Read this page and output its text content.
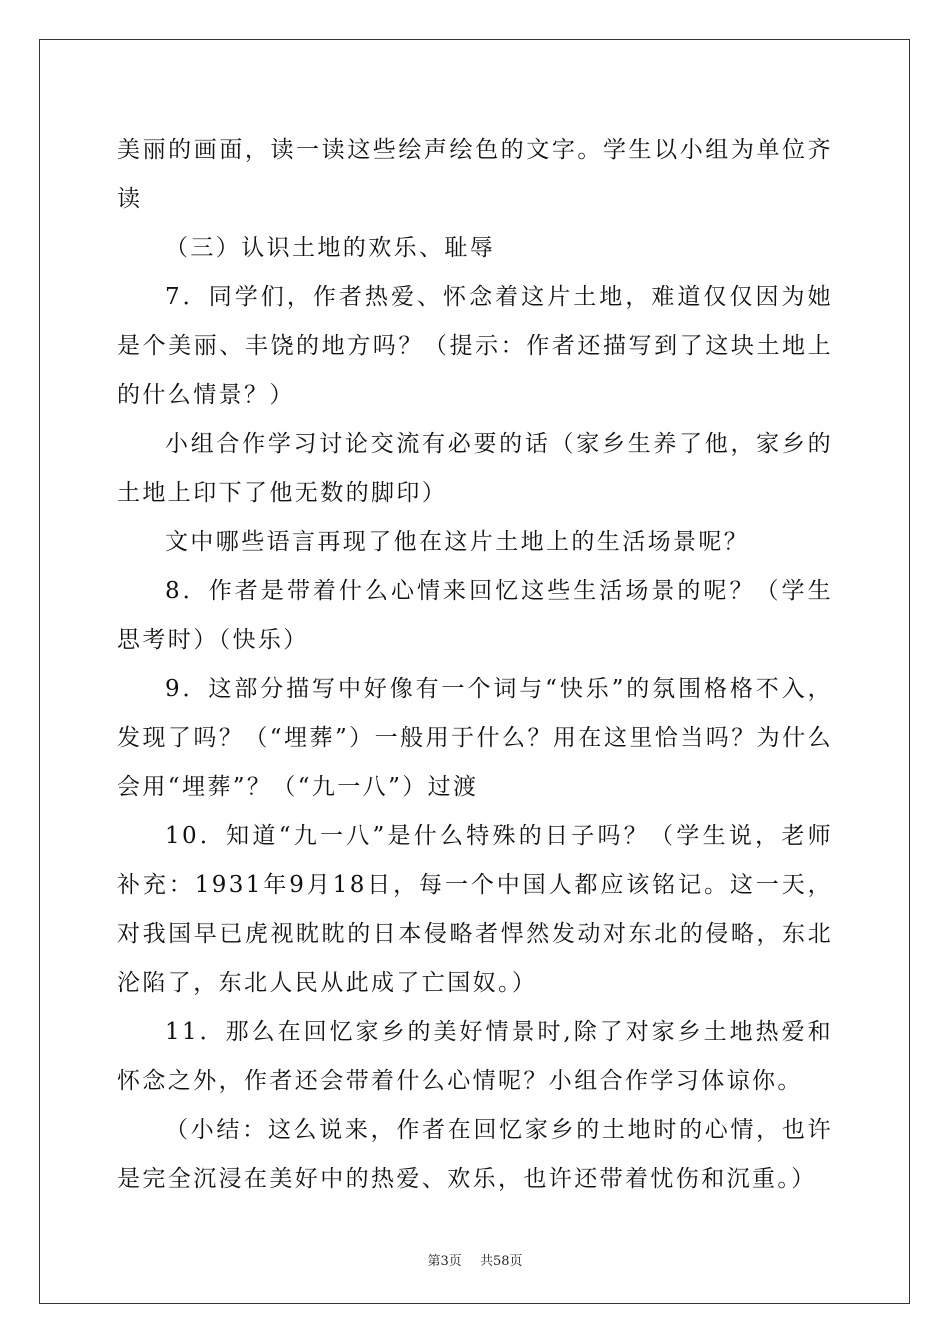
美丽的画面，读一读这些绘声绘色的文字。学生以小组为单位齐读

（三）认识土地的欢乐、耻辱

7．同学们，作者热爱、怀念着这片土地，难道仅仅因为她是个美丽、丰饶的地方吗？（提示：作者还描写到了这块土地上的什么情景？）

小组合作学习讨论交流有必要的话（家乡生养了他，家乡的土地上印下了他无数的脚印）

文中哪些语言再现了他在这片土地上的生活场景呢？

8．作者是带着什么心情来回忆这些生活场景的呢？（学生思考时）（快乐）

9．这部分描写中好像有一个词与“快乐”的氛围格格不入，发现了吗？（“埋葬”）一般用于什么？用在这里恰当吗？为什么会用“埋葬”？（“九一八”）过渡

10．知道“九一八”是什么特殊的日子吗？（学生说，老师补充：1931年9月18日，每一个中国人都应该铭记。这一天，对我国早已虎视眈眈的日本侵略者悍然发动对东北的侵略，东北沦陷了，东北人民从此成了亡国奴。）

11．那么在回忆家乡的美好情景时,除了对家乡土地热爱和怀念之外，作者还会带着什么心情呢？小组合作学习体谅你。

（小结：这么说来，作者在回忆家乡的土地时的心情，也许是完全沉浸在美好中的热爱、欢乐，也许还带着忧伤和沉重。）

第3页 共58页
